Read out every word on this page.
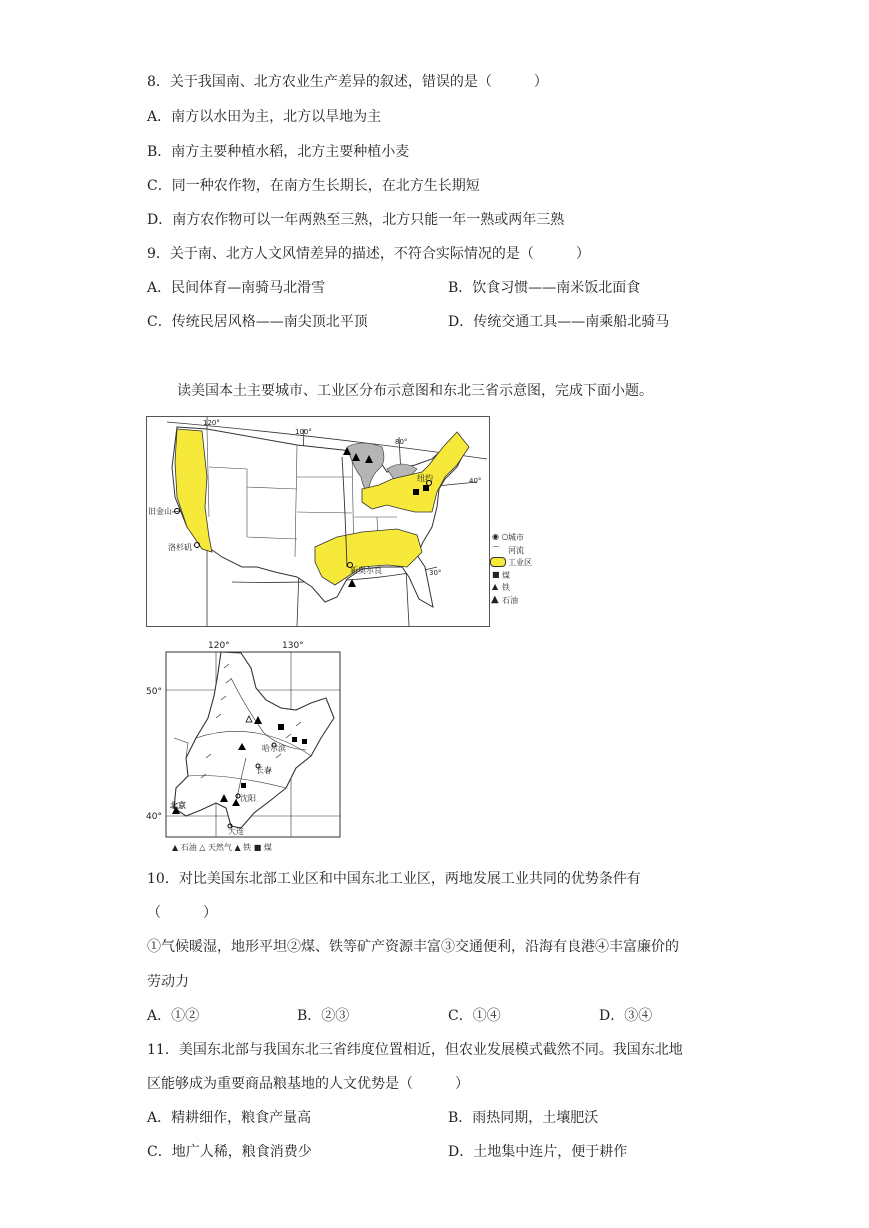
8．关于我国南、北方农业生产差异的叙述，错误的是（　　　）
A．南方以水田为主，北方以旱地为主
B．南方主要种植水稻，北方主要种植小麦
C．同一种农作物，在南方生长期长，在北方生长期短
D．南方农作物可以一年两熟至三熟，北方只能一年一熟或两年三熟
9．关于南、北方人文风情差异的描述，不符合实际情况的是（　　　）
A．民间体育—南骑马北滑雪	B．饮食习惯——南米饭北面食
C．传统民居风格——南尖顶北平顶	D．传统交通工具——南乘船北骑马
读美国本土主要城市、工业区分布示意图和东北三省示意图，完成下面小题。
120°
100°
80°
40°
30°
旧金山
洛杉矶
纽约
新奥尔良
◉ ○ 城市
⌒ 河流
工业区
■ 煤
▲ 铁
▲ 石油
120°	130°
50°
40°
哈尔滨
长春
沈阳
北京
大连
▲ 石油 △ 天然气 ▲ 铁 ■ 煤
10．对比美国东北部工业区和中国东北工业区，两地发展工业共同的优势条件有
（　　　）
①气候暖湿，地形平坦②煤、铁等矿产资源丰富③交通便利，沿海有良港④丰富廉价的
劳动力
A．①②	B．②③	C．①④	D．③④
11．美国东北部与我国东北三省纬度位置相近，但农业发展模式截然不同。我国东北地
区能够成为重要商品粮基地的人文优势是（　　　）
A．精耕细作，粮食产量高	B．雨热同期，土壤肥沃
C．地广人稀，粮食消费少	D．土地集中连片，便于耕作
